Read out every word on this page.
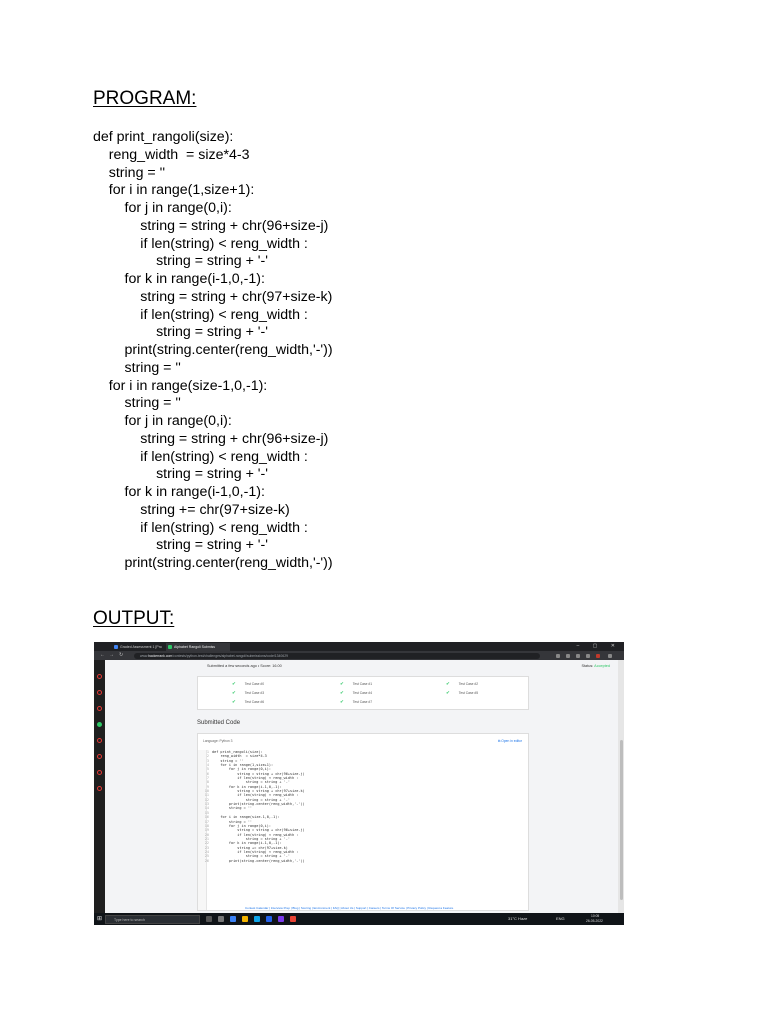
PROGRAM:
def print_rangoli(size):
reng_width  = size*4-3
string = ''
for i in range(1,size+1):
for j in range(0,i):
string = string + chr(96+size-j)
if len(string) < reng_width :
string = string + '-'
for k in range(i-1,0,-1):
string = string + chr(97+size-k)
if len(string) < reng_width :
string = string + '-'
print(string.center(reng_width,'-'))
string = ''
for i in range(size-1,0,-1):
string = ''
for j in range(0,i):
string = string + chr(96+size-j)
if len(string) < reng_width :
string = string + '-'
for k in range(i-1,0,-1):
string += chr(97+size-k)
if len(string) < reng_width :
string = string + '-'
print(string.center(reng_width,'-'))
OUTPUT:
Graded Assessment 1 [Pro	Alphabet Rangoli Submiss	– ▢ ✕
← → ↻	www.hackerrank.com/contests/python-test/challenges/alphabet-rangoli/submissions/code/1340629
Submitted a few seconds ago • Score: 16.00	Status: Accepted
✔	Test Case #0	✔	Test Case #1	✔	Test Case #2
✔	Test Case #3	✔	Test Case #4	✔	Test Case #5
✔	Test Case #6	✔	Test Case #7
Submitted Code
Language: Python 3	⧉ Open in editor
1 def print_rangoli(size):
2    reng_width  = size*4-3
3    string = ''
4    for i in range(1,size+1):
5        for j in range(0,i):
6            string = string + chr(96+size-j)
7            if len(string) < reng_width :
8                string = string + '-'
9        for k in range(i-1,0,-1):
10            string = string + chr(97+size-k)
11            if len(string) < reng_width :
12                string = string + '-'
13        print(string.center(reng_width,'-'))
14        string = ''
15
16    for i in range(size-1,0,-1):
17        string = ''
18        for j in range(0,i):
19            string = string + chr(96+size-j)
20            if len(string) < reng_width :
21                string = string + '-'
22        for k in range(i-1,0,-1):
23            string += chr(97+size-k)
24            if len(string) < reng_width :
25                string = string + '-'
26        print(string.center(reng_width,'-'))
Contest Calendar | Interview Prep | Blog | Scoring | Environment | FAQ | About Us | Support | Careers | Terms Of Service | Privacy Policy | Request a Feature
⊞	Type here to search	31°C Haze	ENG	10:05
26-05-2022
